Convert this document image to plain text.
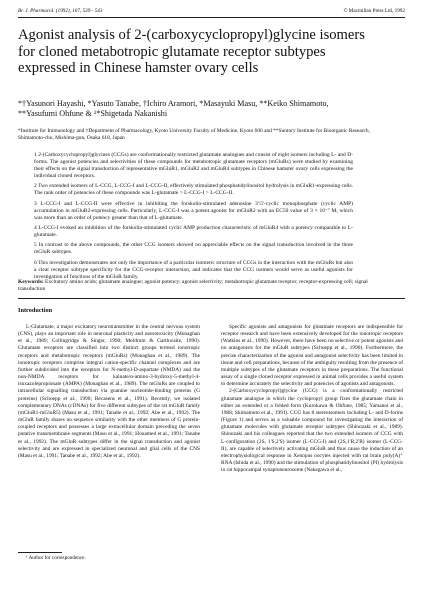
Br. J. Pharmacol. (1992), 107, 539 - 543	© Macmillan Press Ltd, 1992
Agonist analysis of 2-(carboxycyclopropyl)glycine isomers for cloned metabotropic glutamate receptor subtypes expressed in Chinese hamster ovary cells

*†Yasunori Hayashi, *Yasuto Tanabe, †Ichiro Aramori, *Masayuki Masu, **Keiko Shimamoto, **Yasufumi Ohfune & ¹*Shigetada Nakanishi

*Institute for Immunology and †Department of Pharmacology, Kyoto University Faculty of Medicine, Kyoto 606 and **Suntory Institute for Bioorganic Research, Shimamoto-cho, Mishima-gun, Osaka 618, Japan

1 2-(Carboxycyclopropyl)glycines (CCGs) are conformationally restricted glutamate analogues and consist of eight isomers including L- and D-forms. The agonist potencies and selectivities of these compounds for metabotropic glutamate receptors (mGluRs) were studied by examining their effects on the signal transduction of representative mGluR1, mGluR2 and mGluR4 subtypes in Chinese hamster ovary cells expressing the individual cloned receptors.

2 Two extended isomers of L-CCG, L-CCG-I and L-CCG-II, effectively stimulated phosphatidylinositol hydrolysis in mGluR1-expressing cells. The rank order of potencies of these compounds was L-glutamate > L-CCG-I > L-CCG-II.

3 L-CCG-I and L-CCG-II were effective in inhibiting the forskolin-stimulated adenosine 3':5'-cyclic monophosphate (cyclic AMP) accumulation in mGluR2-expressing cells. Particularly, L-CCG-I was a potent agonist for mGluR2 with an EC50 value of 3 × 10⁻⁷ M, which was more than an order of potency greater than that of L-glutamate.

4 L-CCG-I evoked an inhibition of the forskolin-stimulated cyclic AMP production characteristic of mGluR4 with a potency comparable to L-glutamate.

5 In contrast to the above compounds, the other CCG isomers showed no appreciable effects on the signal transduction involved in the three mGluR subtypes.

6 This investigation demonstrates not only the importance of a particular isomeric structure of CCGs in the interaction with the mGluRs but also a clear receptor subtype specificity for the CCG-receptor interaction, and indicates that the CCG isomers would serve as useful agonists for investigation of functions of the mGluR family.

Keywords: Excitatory amino acids; glutamate analogue; agonist potency; agonist selectivity; metabotropic glutamate receptor; receptor-expressing cell; signal transduction

Introduction

L-Glutamate, a major excitatory neurotransmitter in the central nervous system (CNS), plays an important role in neuronal plasticity and neurotoxicity (Monaghan et al., 1989; Collingridge & Singer, 1990; Meldrum & Garthwaite, 1990). Glutamate receptors are classified into two distinct groups termed ionotropic receptors and metabotropic receptors (mGluRs) (Monaghan et al., 1989). The ionotropic receptors comprise integral cation-specific channel complexes and are further subdivided into the receptors for N-methyl-D-aspartate (NMDA) and the non-NMDA receptors for kainate/α-amino-3-hydroxy-5-methyl-4-isoxazolepropionate (AMPA) (Monaghan et al., 1989). The mGluRs are coupled to intracellular signalling transduction via guanine nucleotide-binding proteins (G proteins) (Schoepp et al., 1990; Récasens et al., 1991). Recently, we isolated complementary DNAs (cDNAs) for five different subtypes of the rat mGluR family (mGluR1-mGluR5) (Masu et al., 1991; Tanabe et al., 1992; Abe et al., 1992). The mGluR family shares no sequence similarity with the other members of G protein-coupled receptors and possesses a large extracellular domain preceding the seven putative transmembrane segments (Masu et al., 1991; Houamed et al., 1991; Tanabe et al., 1992). The mGluR subtypes differ in the signal transduction and agonist selectivity and are expressed in specialized neuronal and glial cells of the CNS (Masu et al., 1991; Tanabe et al., 1992; Abe et al., 1992).

Specific agonists and antagonists for glutamate receptors are indispensible for receptor research and have been extensively developed for the ionotropic receptors (Watkins et al., 1990). However, there have been no selective or potent agonists and no antagonists for the mGluR subtypes (Schoepp et al., 1990). Furthermore, the precise characterization of the agonist and antagonist selectivity has been limited in tissue and cell preparations, because of the ambiguity resulting from the presence of multiple subtypes of the glutamate receptors in these preparations. The functional assay of a single cloned receptor expressed in animal cells provides a useful system to determine accurately the selectivity and potencies of agonists and antagonists.

2-(Carboxycyclopropyl)glycine (CCG) is a conformationally restricted glutamate analogue in which the cyclopropyl group fixes the glutamate chain in either an extended or a folded form (Kurokawa & Ohfune, 1985; Yamanoi et al., 1988; Shimamoto et al., 1991). CCG has 8 stereoisomers including L- and D-forms (Figure 1) and serves as a valuable compound for investigating the interaction of glutamate molecules with glutamate receptor subtypes (Shinozaki et al., 1989). Shinozaki and his colleagues reported that the two extended isomers of CCG with L-configuration (2S, 1'S,2'S) isomer (L-CCG-I) and (2S,1'R,2'R) isomer (L-CCG-II), are capable of selectively activating mGluR and thus cause the induction of an electrophysiological response in Xenopus oocytes injected with rat brain poly(A)⁺ RNA (Ishida et al., 1990) and the stimulation of phosphatidylinositol (PI) hydrolysis in rat hippocampal synaptoneurosome (Nakagawa et al.,

¹ Author for correspondence.
